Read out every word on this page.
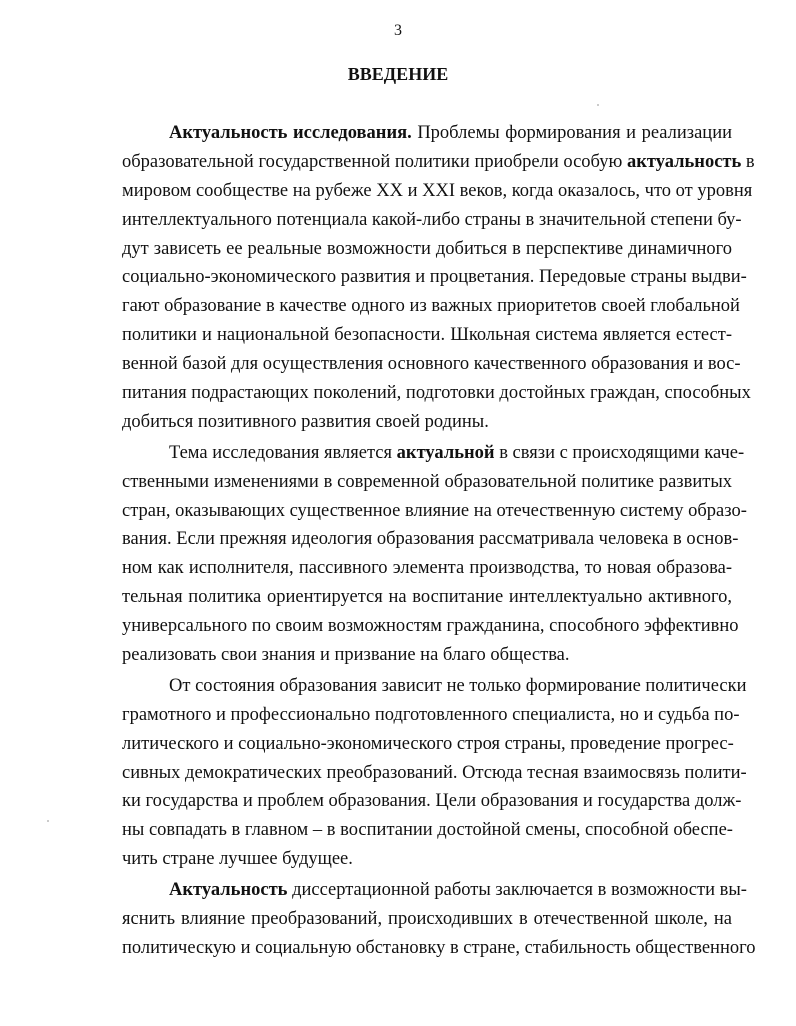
3
ВВЕДЕНИЕ
Актуальность исследования. Проблемы формирования и реализации
образовательной государственной политики приобрели особую актуальность в
мировом сообществе на рубеже XX и XXI веков, когда оказалось, что от уровня
интеллектуального потенциала какой-либо страны в значительной степени бу-
дут зависеть ее реальные возможности добиться в перспективе динамичного
социально-экономического развития и процветания. Передовые страны выдви-
гают образование в качестве одного из важных приоритетов своей глобальной
политики и национальной безопасности. Школьная система является естест-
венной базой для осуществления основного качественного образования и вос-
питания подрастающих поколений, подготовки достойных граждан, способных
добиться позитивного развития своей родины.
Тема исследования является актуальной в связи с происходящими каче-
ственными изменениями в современной образовательной политике развитых
стран, оказывающих существенное влияние на отечественную систему образо-
вания. Если прежняя идеология образования рассматривала человека в основ-
ном как исполнителя, пассивного элемента производства, то новая образова-
тельная политика ориентируется на воспитание интеллектуально активного,
универсального по своим возможностям гражданина, способного эффективно
реализовать свои знания и призвание на благо общества.
От состояния образования зависит не только формирование политически
грамотного и профессионально подготовленного специалиста, но и судьба по-
литического и социально-экономического строя страны, проведение прогрес-
сивных демократических преобразований. Отсюда тесная взаимосвязь полити-
ки государства и проблем образования. Цели образования и государства долж-
ны совпадать в главном – в воспитании достойной смены, способной обеспе-
чить стране лучшее будущее.
Актуальность диссертационной работы заключается в возможности вы-
яснить влияние преобразований, происходивших в отечественной школе, на
политическую и социальную обстановку в стране, стабильность общественного
